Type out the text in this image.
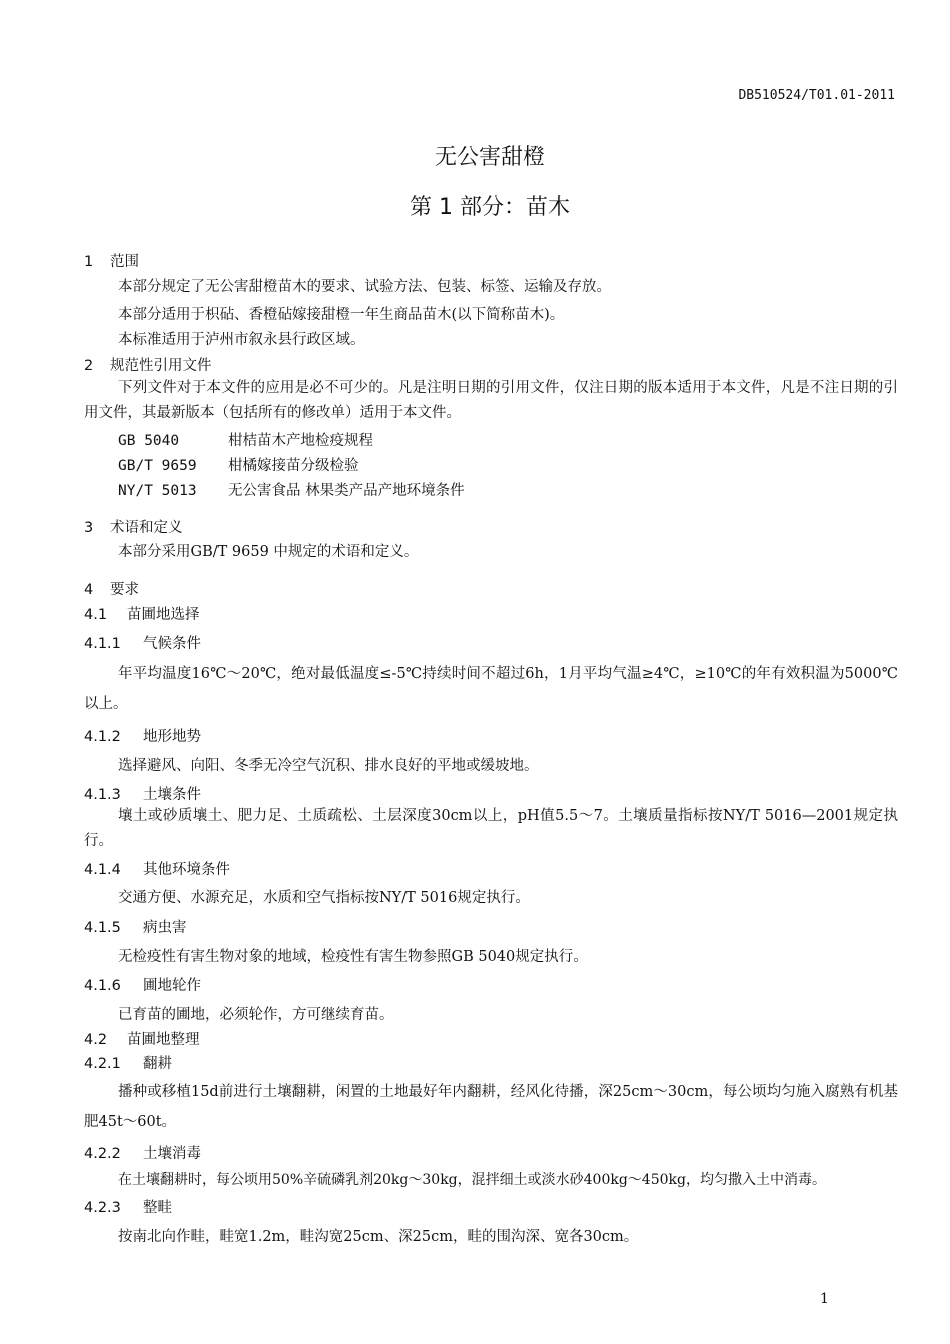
DB510524/T01.01-2011
无公害甜橙
第 1 部分：苗木
1 范围
本部分规定了无公害甜橙苗木的要求、试验方法、包装、标签、运输及存放。
本部分适用于枳砧、香橙砧嫁接甜橙一年生商品苗木(以下简称苗木)。
本标准适用于泸州市叙永县行政区域。
2 规范性引用文件
下列文件对于本文件的应用是必不可少的。凡是注明日期的引用文件，仅注日期的版本适用于本文件，凡是不注日期的引用文件，其最新版本（包括所有的修改单）适用于本文件。
GB 5040	柑桔苗木产地检疫规程
GB/T 9659 柑橘嫁接苗分级检验
NY/T 5013 无公害食品 林果类产品产地环境条件
3 术语和定义
本部分采用GB/T 9659 中规定的术语和定义。
4 要求
4.1 苗圃地选择
4.1.1 气候条件
年平均温度16℃～20℃，绝对最低温度≤-5℃持续时间不超过6h，1月平均气温≥4℃，≥10℃的年有效积温为5000℃以上。
4.1.2 地形地势
选择避风、向阳、冬季无冷空气沉积、排水良好的平地或缓坡地。
4.1.3 土壤条件
壤土或砂质壤土、肥力足、土质疏松、土层深度30cm以上，pH值5.5～7。土壤质量指标按NY/T 5016—2001规定执行。
4.1.4 其他环境条件
交通方便、水源充足，水质和空气指标按NY/T 5016规定执行。
4.1.5 病虫害
无检疫性有害生物对象的地域，检疫性有害生物参照GB 5040规定执行。
4.1.6 圃地轮作
已育苗的圃地，必须轮作，方可继续育苗。
4.2 苗圃地整理
4.2.1 翻耕
播种或移植15d前进行土壤翻耕，闲置的土地最好年内翻耕，经风化待播，深25cm～30cm，每公顷均匀施入腐熟有机基肥45t～60t。
4.2.2 土壤消毒
在土壤翻耕时，每公顷用50%辛硫磷乳剂20kg～30kg，混拌细土或淡水砂400kg～450kg，均匀撒入土中消毒。
4.2.3 整畦
按南北向作畦，畦宽1.2m，畦沟宽25cm、深25cm，畦的围沟深、宽各30cm。
1
